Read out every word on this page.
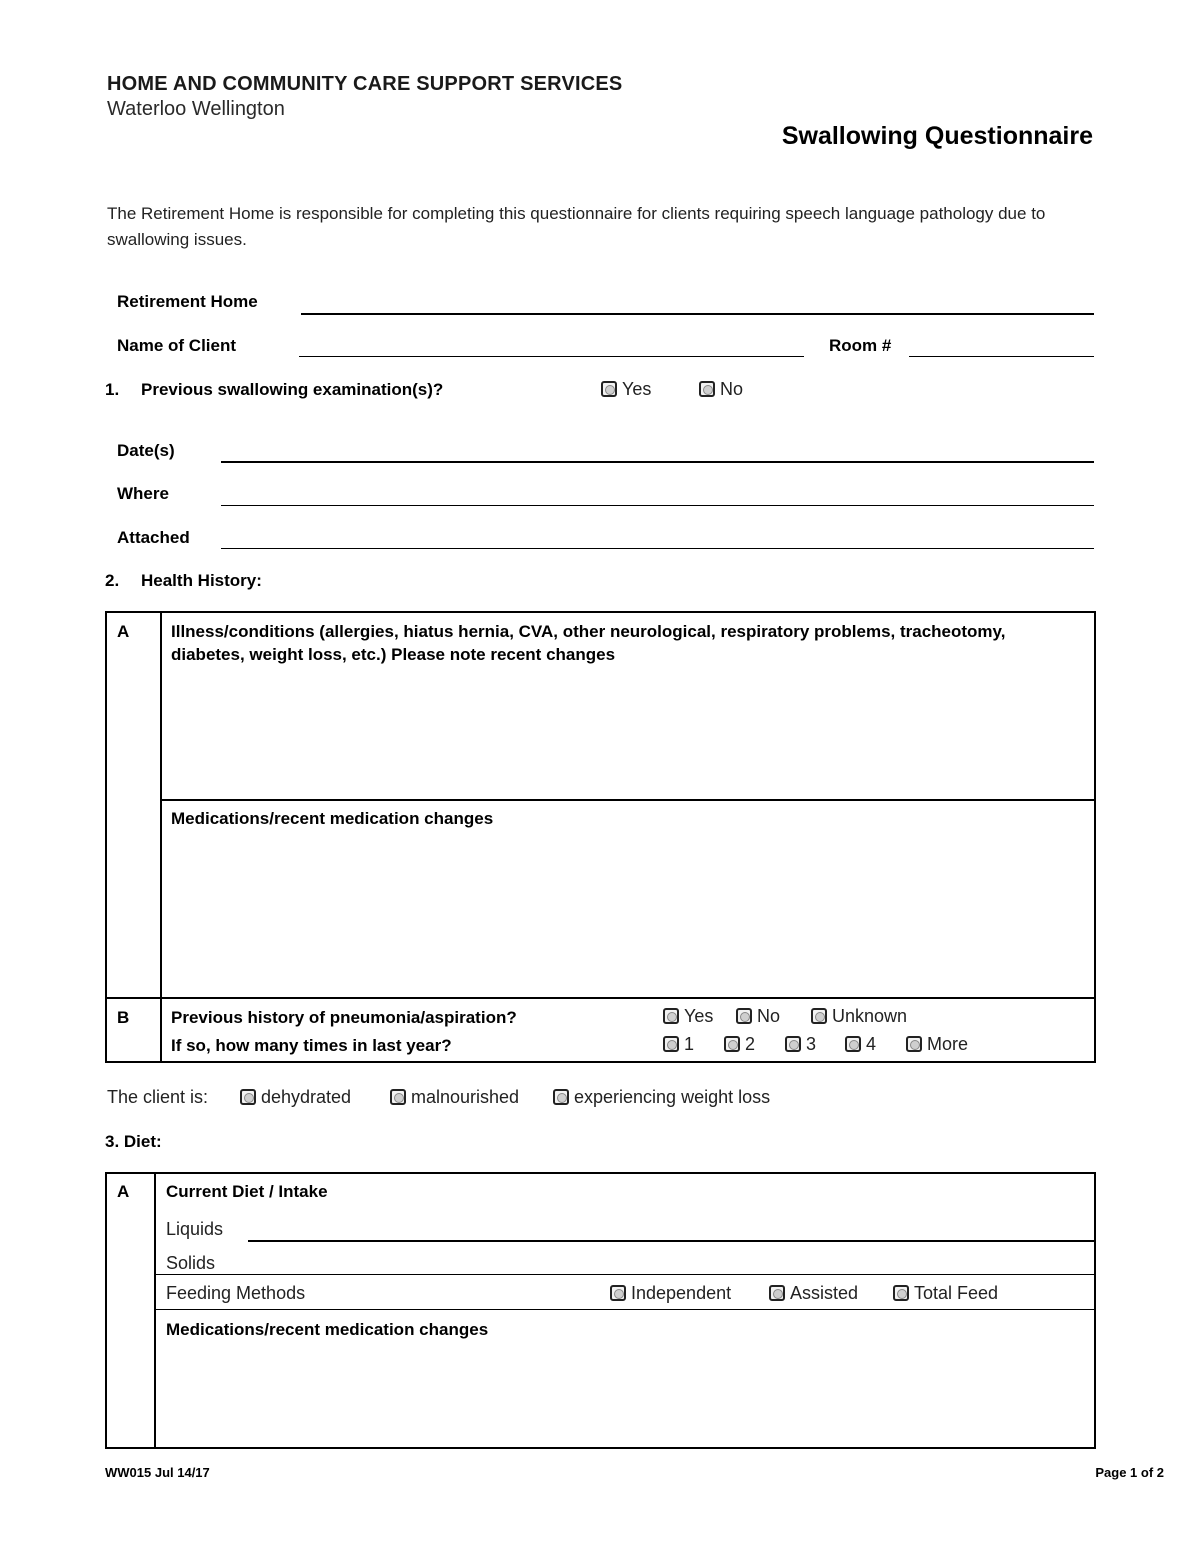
HOME AND COMMUNITY CARE SUPPORT SERVICES
Waterloo Wellington
Swallowing Questionnaire
The Retirement Home is responsible for completing this questionnaire for clients requiring speech language pathology due to swallowing issues.
Retirement Home
Name of Client	Room #
1. Previous swallowing examination(s)?	Yes	No
Date(s)
Where
Attached
2. Health History:
A Illness/conditions (allergies, hiatus hernia, CVA, other neurological, respiratory problems, tracheotomy, diabetes, weight loss, etc.) Please note recent changes
Medications/recent medication changes
B Previous history of pneumonia/aspiration?	Yes	No	Unknown
If so, how many times in last year?	1	2	3	4	More
The client is:	dehydrated	malnourished	experiencing weight loss
3. Diet:
A Current Diet / Intake
Liquids
Solids
Feeding Methods	Independent	Assisted	Total Feed
Medications/recent medication changes
WW015 Jul 14/17	Page 1 of 2
